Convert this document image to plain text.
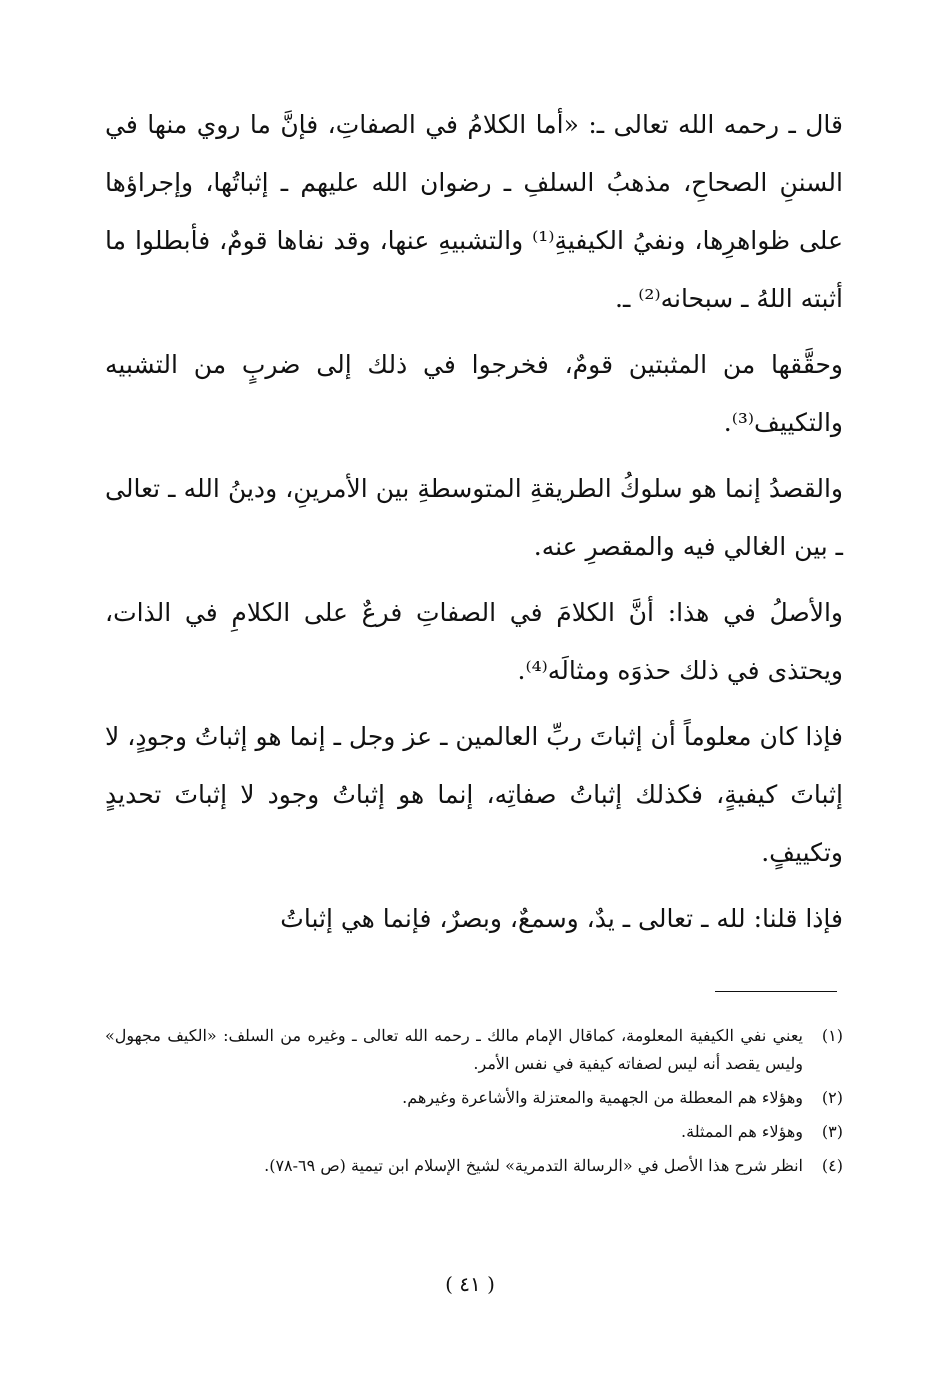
قال ـ رحمه الله تعالى ـ: «أما الكلامُ في الصفاتِ، فإنَّ ما روي منها في السننِ الصحاحِ، مذهبُ السلفِ ـ رضوان الله عليهم ـ إثباتُها، وإجراؤها على ظواهرِها، ونفيُ الكيفيةِ⁽¹⁾ والتشبيهِ عنها، وقد نفاها قومٌ، فأبطلوا ما أثبته اللهُ ـ سبحانه⁽²⁾ ـ.

وحقَّقها من المثبتين قومٌ، فخرجوا في ذلك إلى ضربٍ من التشبيه والتكييف⁽³⁾.

والقصدُ إنما هو سلوكُ الطريقةِ المتوسطةِ بين الأمرينِ، ودينُ الله ـ تعالى ـ بين الغالي فيه والمقصرِ عنه.

والأصلُ في هذا: أنَّ الكلامَ في الصفاتِ فرعٌ على الكلامِ في الذات، ويحتذى في ذلك حذوَه ومثالَه⁽⁴⁾.

فإذا كان معلوماً أن إثباتَ ربِّ العالمين ـ عز وجل ـ إنما هو إثباتُ وجودٍ، لا إثباتَ كيفيةٍ، فكذلك إثباتُ صفاتِه، إنما هو إثباتُ وجود لا إثباتَ تحديدٍ وتكييفٍ.

فإذا قلنا: لله ـ تعالى ـ يدٌ، وسمعٌ، وبصرٌ، فإنما هي إثباتُ

(١)
يعني نفي الكيفية المعلومة، كماقال الإمام مالك ـ رحمه الله تعالى ـ وغيره من السلف: «الكيف مجهول» وليس يقصد أنه ليس لصفاته كيفية في نفس الأمر.
(٢)
وهؤلاء هم المعطلة من الجهمية والمعتزلة والأشاعرة وغيرهم.
(٣)
وهؤلاء هم الممثلة.
(٤)
انظر شرح هذا الأصل في «الرسالة التدمرية» لشيخ الإسلام ابن تيمية (ص ٦٩-٧٨).
( ٤١ )
